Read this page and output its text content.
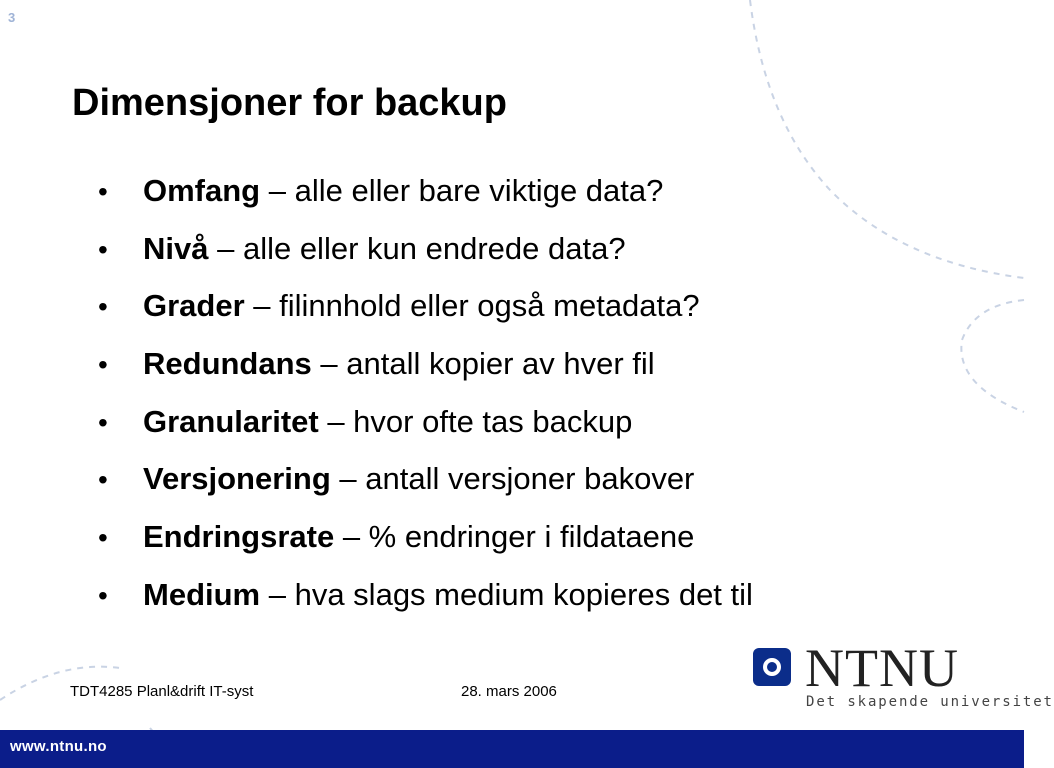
3
Dimensjoner for backup
•	Omfang – alle eller bare viktige data?
•	Nivå – alle eller kun endrede data?
•	Grader – filinnhold eller også metadata?
•	Redundans – antall kopier av hver fil
•	Granularitet – hvor ofte tas backup
•	Versjonering – antall versjoner bakover
•	Endringsrate – % endringer i fildataene
•	Medium – hva slags medium kopieres det til
TDT4285 Planl&drift IT-syst	28. mars 2006	NTNU
Det skapende universitet
www.ntnu.no
